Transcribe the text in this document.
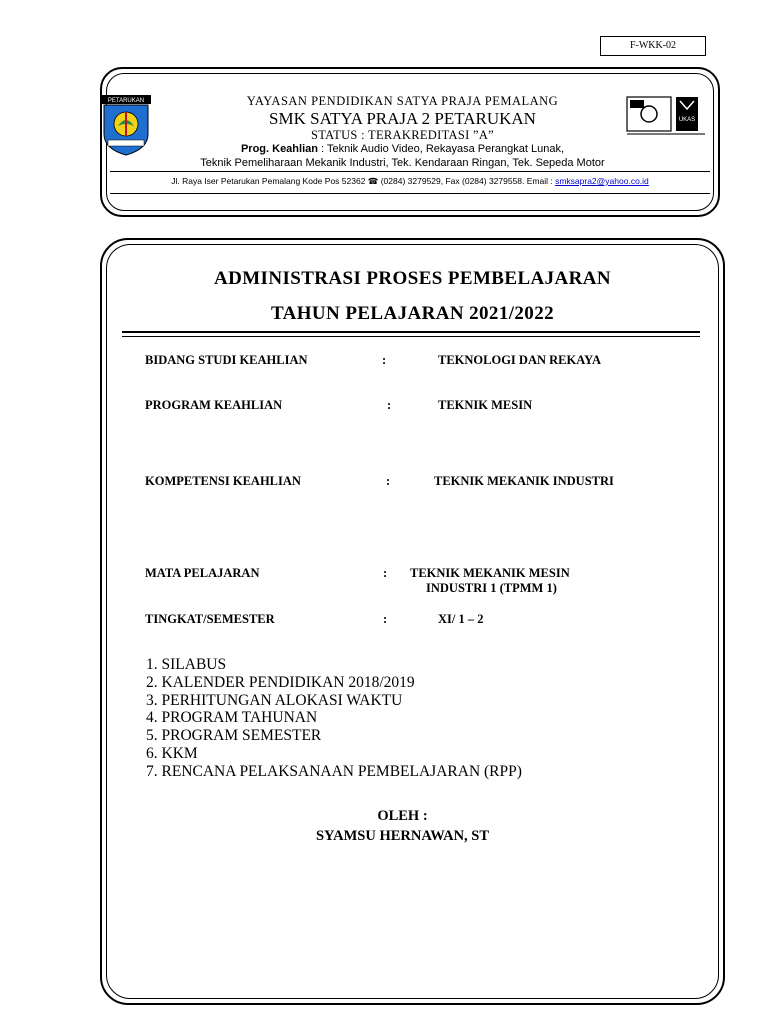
F-WKK-02
PETARUKAN
UKAS
YAYASAN PENDIDIKAN SATYA PRAJA PEMALANG
SMK SATYA PRAJA 2 PETARUKAN
STATUS : TERAKREDITASI ”A”
Prog. Keahlian : Teknik Audio Video, Rekayasa Perangkat Lunak,
Teknik Pemeliharaan Mekanik Industri, Tek. Kendaraan Ringan, Tek. Sepeda Motor
Jl. Raya Iser Petarukan Pemalang Kode Pos 52362 ☎ (0284) 3279529, Fax (0284) 3279558. Email : smksapra2@yahoo.co.id
ADMINISTRASI PROSES PEMBELAJARAN
TAHUN PELAJARAN 2021/2022
BIDANG STUDI KEAHLIAN	:	TEKNOLOGI DAN REKAYA
PROGRAM KEAHLIAN	:	TEKNIK MESIN
KOMPETENSI KEAHLIAN	:	TEKNIK MEKANIK INDUSTRI
MATA PELAJARAN	: TEKNIK MEKANIK MESIN
INDUSTRI 1 (TPMM 1)
TINGKAT/SEMESTER	:	XI/ 1 – 2
1. SILABUS
2. KALENDER PENDIDIKAN 2018/2019
3. PERHITUNGAN ALOKASI WAKTU
4. PROGRAM TAHUNAN
5. PROGRAM SEMESTER
6. KKM
7. RENCANA PELAKSANAAN PEMBELAJARAN (RPP)
OLEH :
SYAMSU HERNAWAN, ST
